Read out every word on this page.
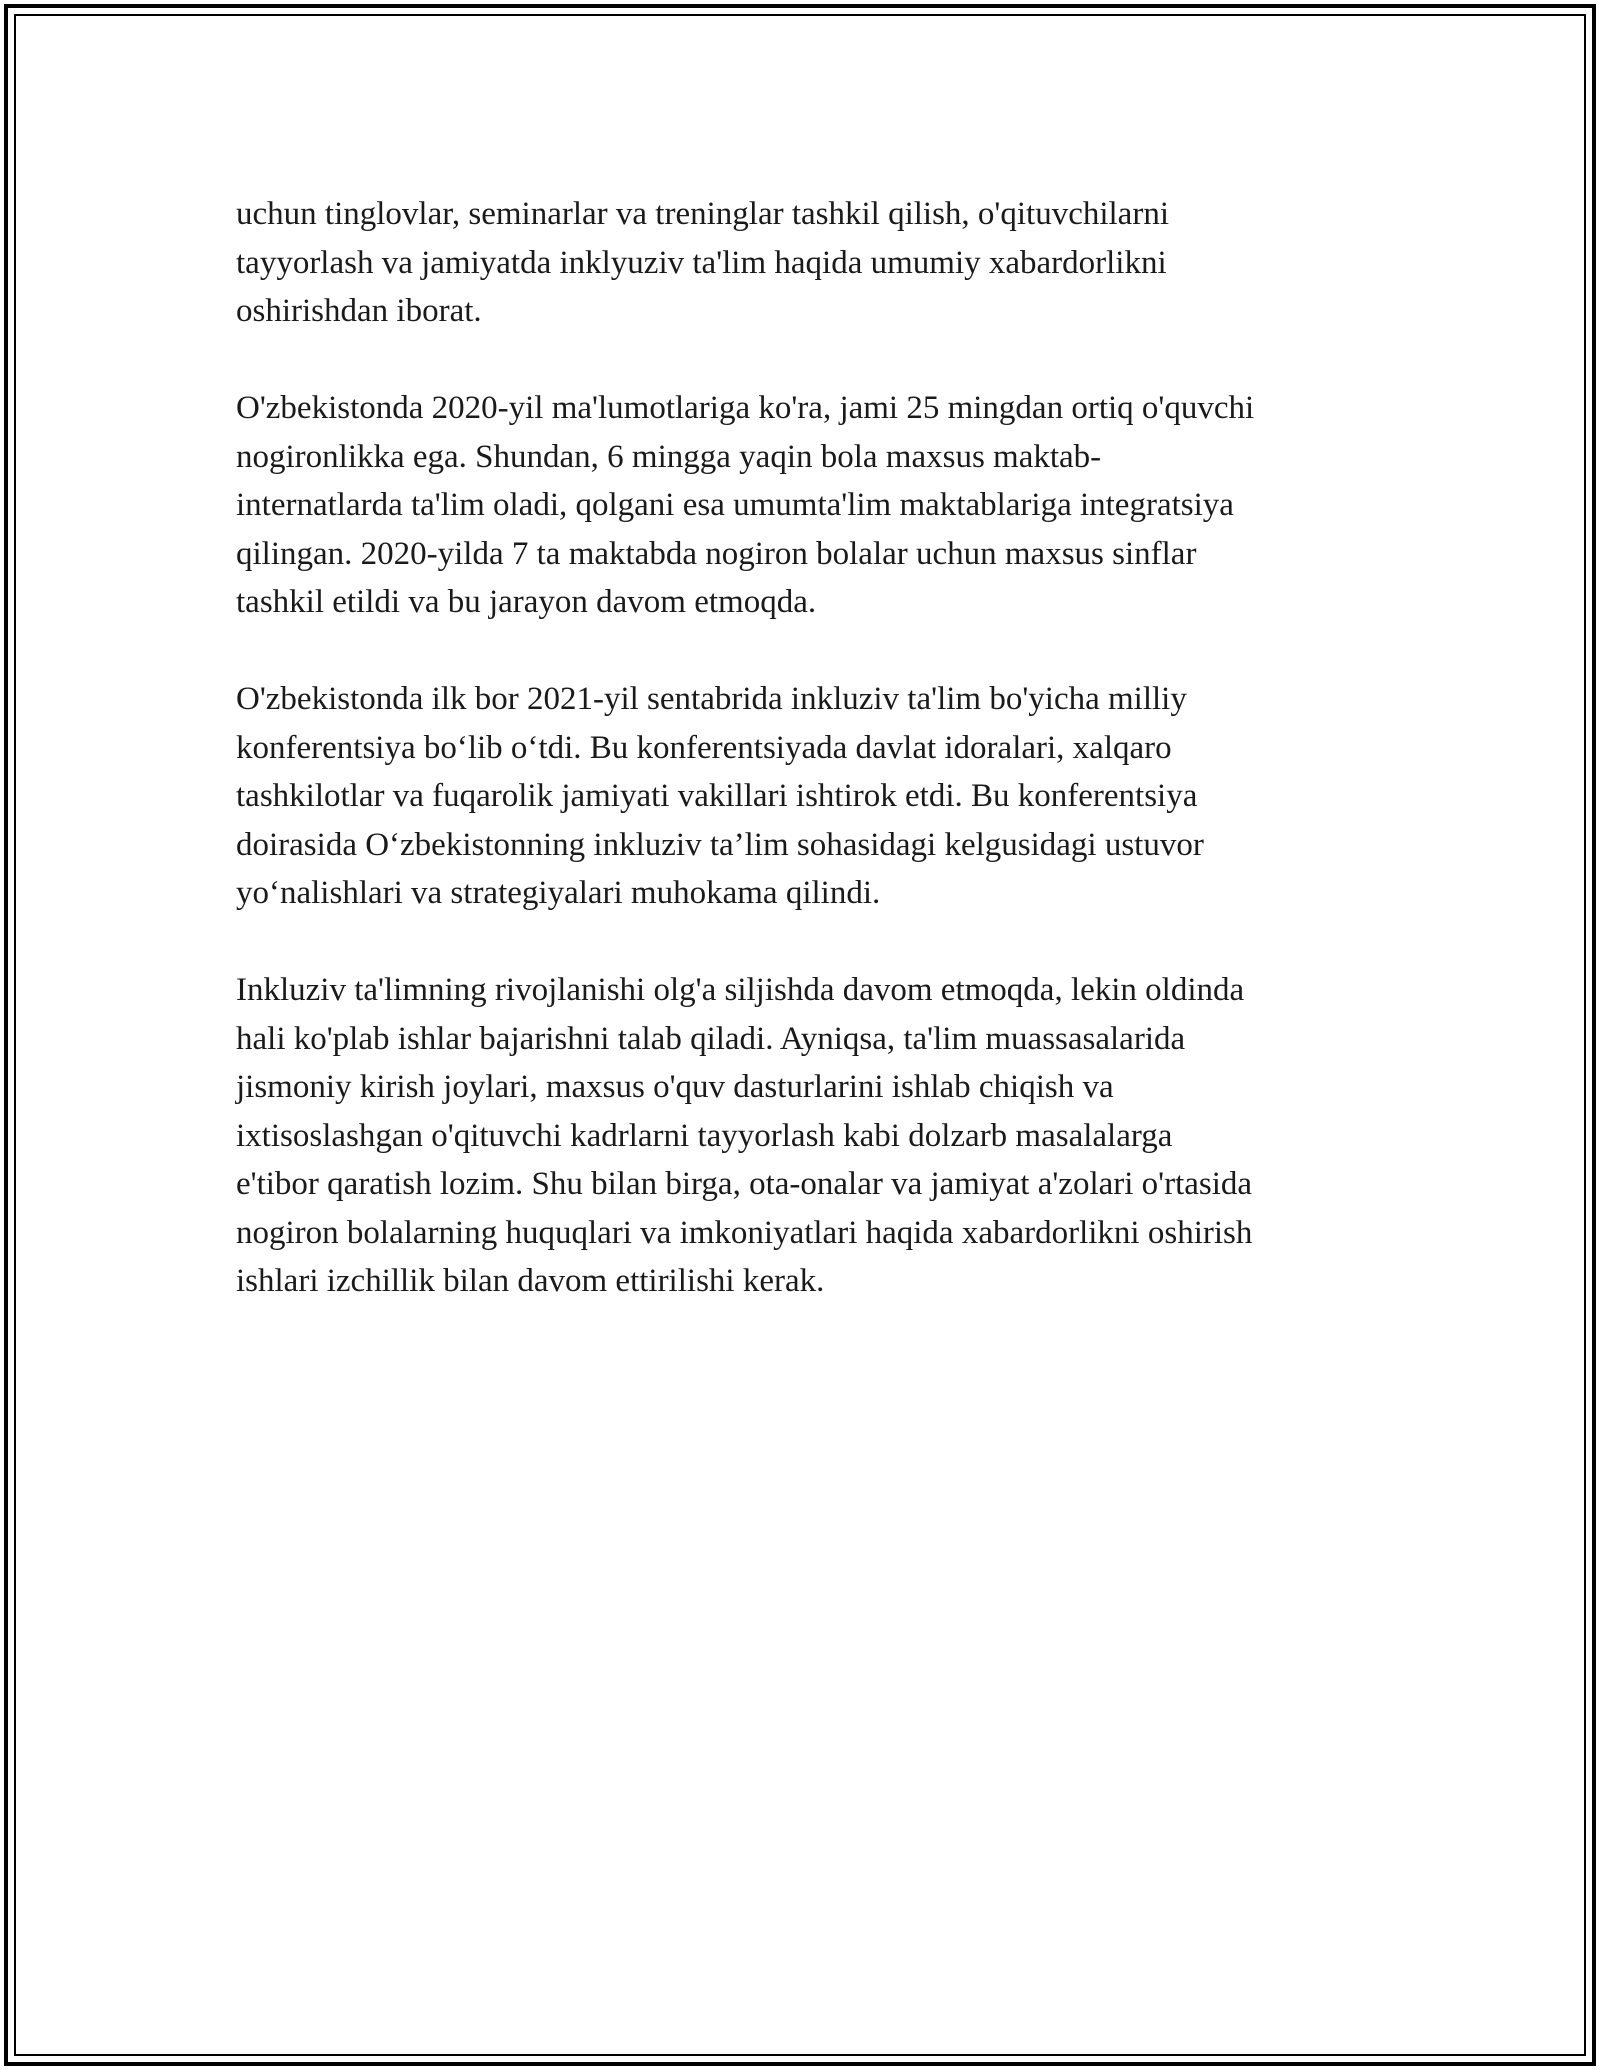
uchun tinglovlar, seminarlar va treninglar tashkil qilish, o'qituvchilarni
tayyorlash va jamiyatda inklyuziv ta'lim haqida umumiy xabardorlikni
oshirishdan iborat.

O'zbekistonda 2020-yil ma'lumotlariga ko'ra, jami 25 mingdan ortiq o'quvchi
nogironlikka ega. Shundan, 6 mingga yaqin bola maxsus maktab-
internatlarda ta'lim oladi, qolgani esa umumta'lim maktablariga integratsiya
qilingan. 2020-yilda 7 ta maktabda nogiron bolalar uchun maxsus sinflar
tashkil etildi va bu jarayon davom etmoqda.

O'zbekistonda ilk bor 2021-yil sentabrida inkluziv ta'lim bo'yicha milliy
konferentsiya bo‘lib o‘tdi. Bu konferentsiyada davlat idoralari, xalqaro
tashkilotlar va fuqarolik jamiyati vakillari ishtirok etdi. Bu konferentsiya
doirasida O‘zbekistonning inkluziv ta’lim sohasidagi kelgusidagi ustuvor
yo‘nalishlari va strategiyalari muhokama qilindi.

Inkluziv ta'limning rivojlanishi olg'a siljishda davom etmoqda, lekin oldinda
hali ko'plab ishlar bajarishni talab qiladi. Ayniqsa, ta'lim muassasalarida
jismoniy kirish joylari, maxsus o'quv dasturlarini ishlab chiqish va
ixtisoslashgan o'qituvchi kadrlarni tayyorlash kabi dolzarb masalalarga
e'tibor qaratish lozim. Shu bilan birga, ota-onalar va jamiyat a'zolari o'rtasida
nogiron bolalarning huquqlari va imkoniyatlari haqida xabardorlikni oshirish
ishlari izchillik bilan davom ettirilishi kerak.
